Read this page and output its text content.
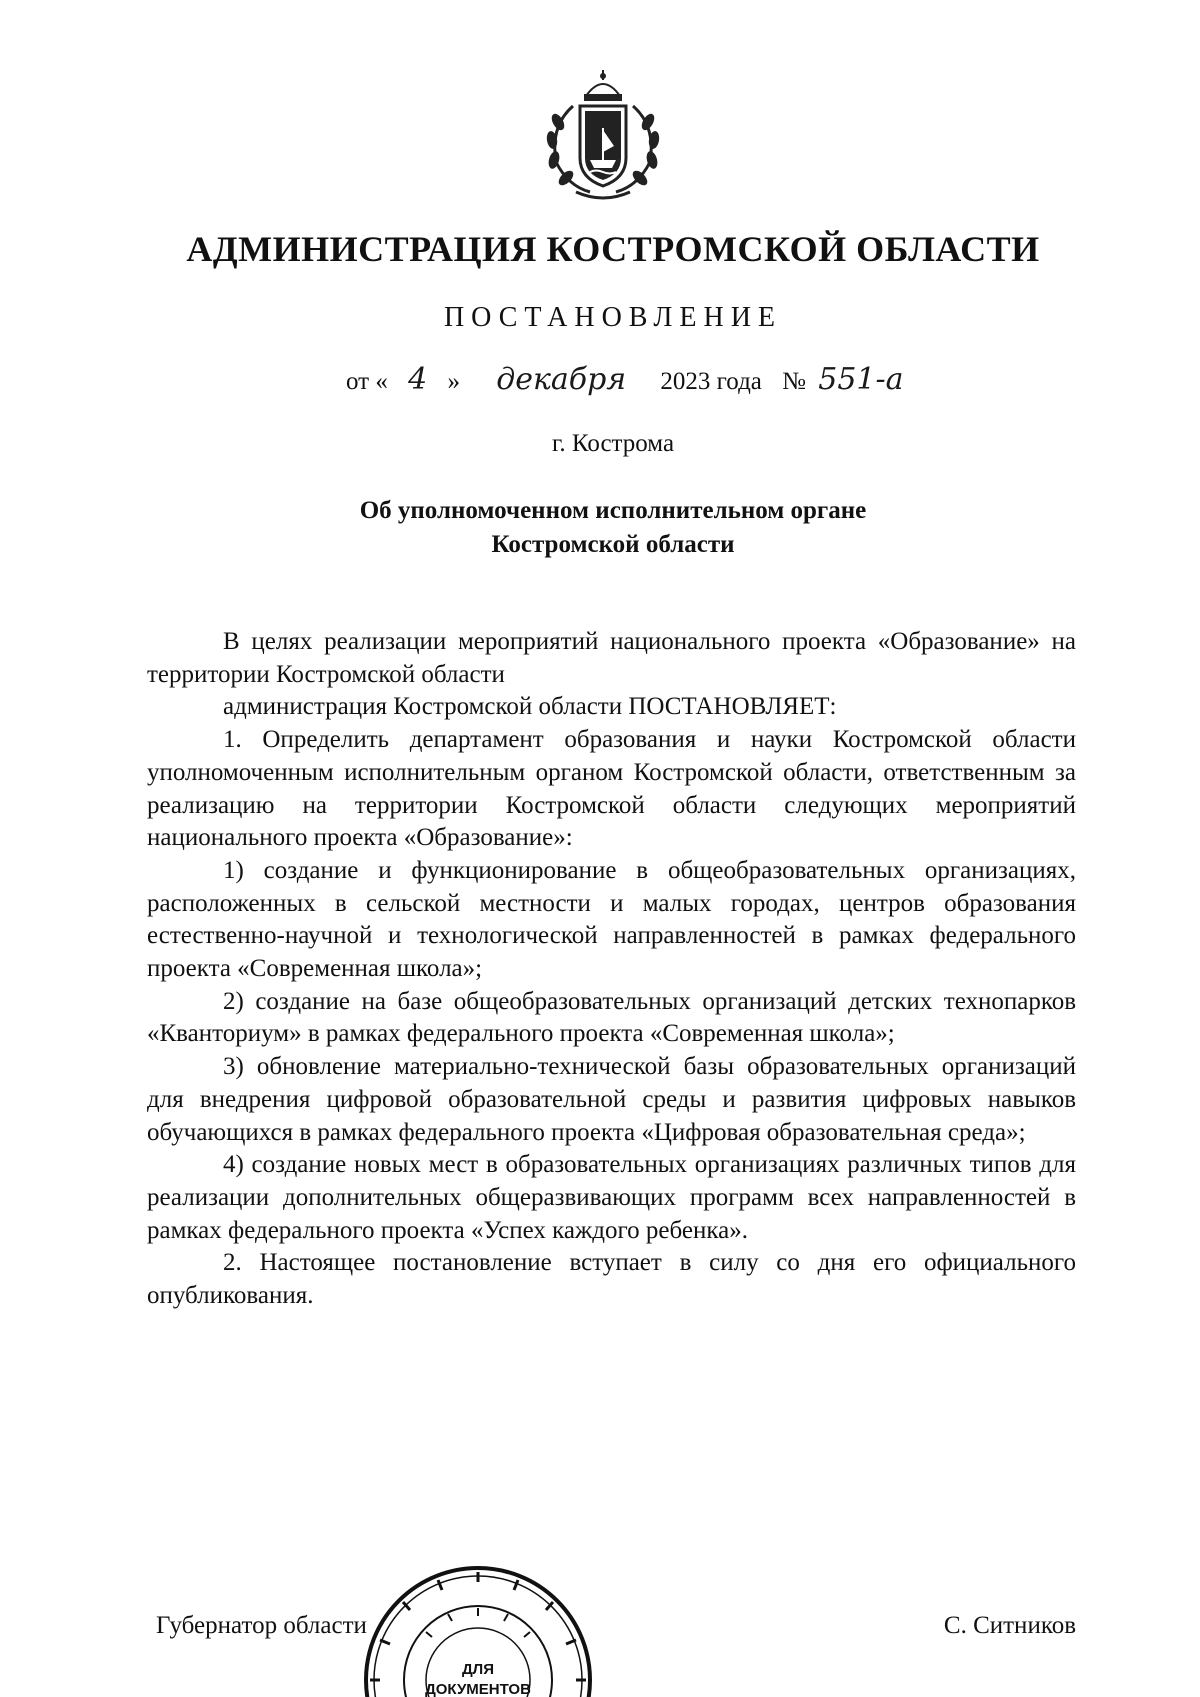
АДМИНИСТРАЦИЯ КОСТРОМСКОЙ ОБЛАСТИ
ПОСТАНОВЛЕНИЕ
от « 4 » декабря 2023 года № 551-а
г. Кострома
Об уполномоченном исполнительном органе
Костромской области

В целях реализации мероприятий национального проекта «Образование» на территории Костромской области

администрация Костромской области ПОСТАНОВЛЯЕТ:

1. Определить департамент образования и науки Костромской области уполномоченным исполнительным органом Костромской области, ответственным за реализацию на территории Костромской области следующих мероприятий национального проекта «Образование»:

1) создание и функционирование в общеобразовательных организациях, расположенных в сельской местности и малых городах, центров образования естественно-научной и технологической направленностей в рамках федерального проекта «Современная школа»;

2) создание на базе общеобразовательных организаций детских технопарков «Кванториум» в рамках федерального проекта «Современная школа»;

3) обновление материально-технической базы образовательных организаций для внедрения цифровой образовательной среды и развития цифровых навыков обучающихся в рамках федерального проекта «Цифровая образовательная среда»;

4) создание новых мест в образовательных организациях различных типов для реализации дополнительных общеразвивающих программ всех направленностей в рамках федерального проекта «Успех каждого ребенка».

2. Настоящее постановление вступает в силу со дня его официального опубликования.

Губернатор области	С. Ситников
ДЛЯ
ДОКУМЕНТОВ
